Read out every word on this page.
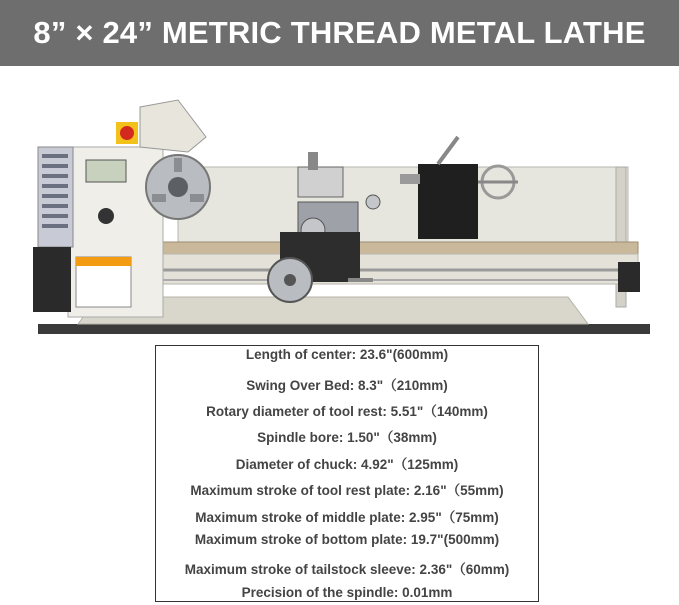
8” × 24” METRIC THREAD METAL LATHE
Length of center: 23.6"(600mm)
Swing Over Bed: 8.3"（210mm)
Rotary diameter of tool rest: 5.51"（140mm)
Spindle bore: 1.50"（38mm)
Diameter of chuck: 4.92"（125mm)
Maximum stroke of tool rest plate: 2.16"（55mm)
Maximum stroke of middle plate: 2.95"（75mm)
Maximum stroke of bottom plate: 19.7"(500mm)
Maximum stroke of tailstock sleeve: 2.36"（60mm)
Precision of the spindle: 0.01mm
